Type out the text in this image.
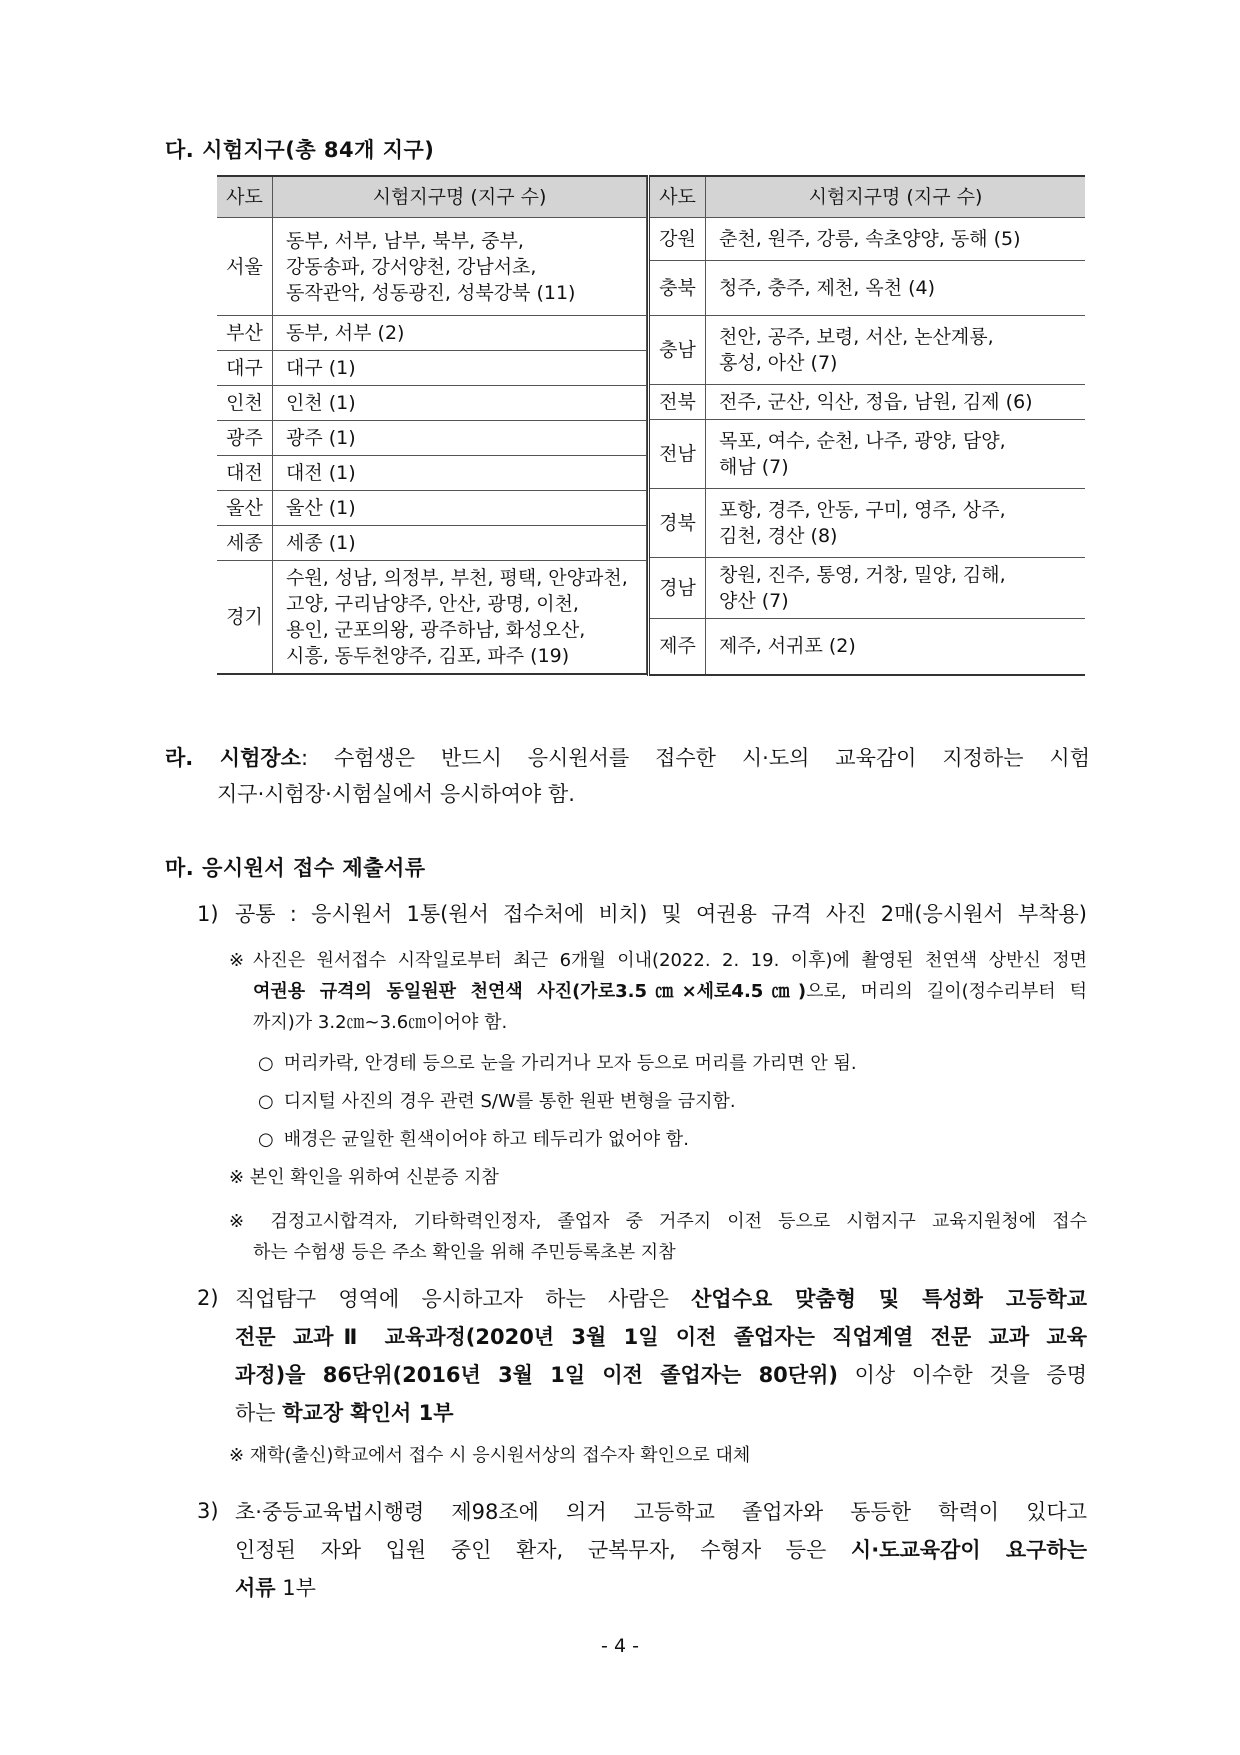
다. 시험지구(총 84개 지구)
사도	시험지구명 (지구 수)
서울	동부, 서부, 남부, 북부, 중부,
강동송파, 강서양천, 강남서초,
동작관악, 성동광진, 성북강북 (11)

부산	동부, 서부 (2)

대구	대구 (1)

인천	인천 (1)

광주	광주 (1)

대전	대전 (1)

울산	울산 (1)

세종	세종 (1)

경기	수원, 성남, 의정부, 부천, 평택, 안양과천,
고양, 구리남양주, 안산, 광명, 이천,
용인, 군포의왕, 광주하남, 화성오산,
시흥, 동두천양주, 김포, 파주 (19)
사도	시험지구명 (지구 수)
강원	춘천, 원주, 강릉, 속초양양, 동해 (5)

충북	청주, 충주, 제천, 옥천 (4)

충남	천안, 공주, 보령, 서산, 논산계룡,
홍성, 아산 (7)

전북	전주, 군산, 익산, 정읍, 남원, 김제 (6)

전남	목포, 여수, 순천, 나주, 광양, 담양,
해남 (7)

경북	포항, 경주, 안동, 구미, 영주, 상주,
김천, 경산 (8)

경남	창원, 진주, 통영, 거창, 밀양, 김해,
양산 (7)

제주	제주, 서귀포 (2)
라. 시험장소: 수험생은 반드시 응시원서를 접수한 시·도의 교육감이 지정하는 시험
지구·시험장·시험실에서 응시하여야 함.
마. 응시원서 접수 제출서류
1) 공통 : 응시원서 1통(원서 접수처에 비치) 및 여권용 규격 사진 2매(응시원서 부착용)
※ 사진은 원서접수 시작일로부터 최근 6개월 이내(2022. 2. 19. 이후)에 촬영된 천연색 상반신 정면
여권용 규격의 동일원판 천연색 사진(가로3.5㎝×세로4.5㎝)으로, 머리의 길이(정수리부터 턱
까지)가 3.2㎝~3.6㎝이어야 함.
○ 머리카락, 안경테 등으로 눈을 가리거나 모자 등으로 머리를 가리면 안 됨.
○ 디지털 사진의 경우 관련 S/W를 통한 원판 변형을 금지함.
○ 배경은 균일한 흰색이어야 하고 테두리가 없어야 함.
※ 본인 확인을 위하여 신분증 지참
※ 검정고시합격자, 기타학력인정자, 졸업자 중 거주지 이전 등으로 시험지구 교육지원청에 접수
하는 수험생 등은 주소 확인을 위해 주민등록초본 지참
2) 직업탐구 영역에 응시하고자 하는 사람은 산업수요 맞춤형 및 특성화 고등학교
전문 교과Ⅱ 교육과정(2020년 3월 1일 이전 졸업자는 직업계열 전문 교과 교육
과정)을 86단위(2016년 3월 1일 이전 졸업자는 80단위) 이상 이수한 것을 증명
하는 학교장 확인서 1부
※ 재학(출신)학교에서 접수 시 응시원서상의 접수자 확인으로 대체
3) 초·중등교육법시행령 제98조에 의거 고등학교 졸업자와 동등한 학력이 있다고
인정된 자와 입원 중인 환자, 군복무자, 수형자 등은 시·도교육감이 요구하는
서류 1부
- 4 -
